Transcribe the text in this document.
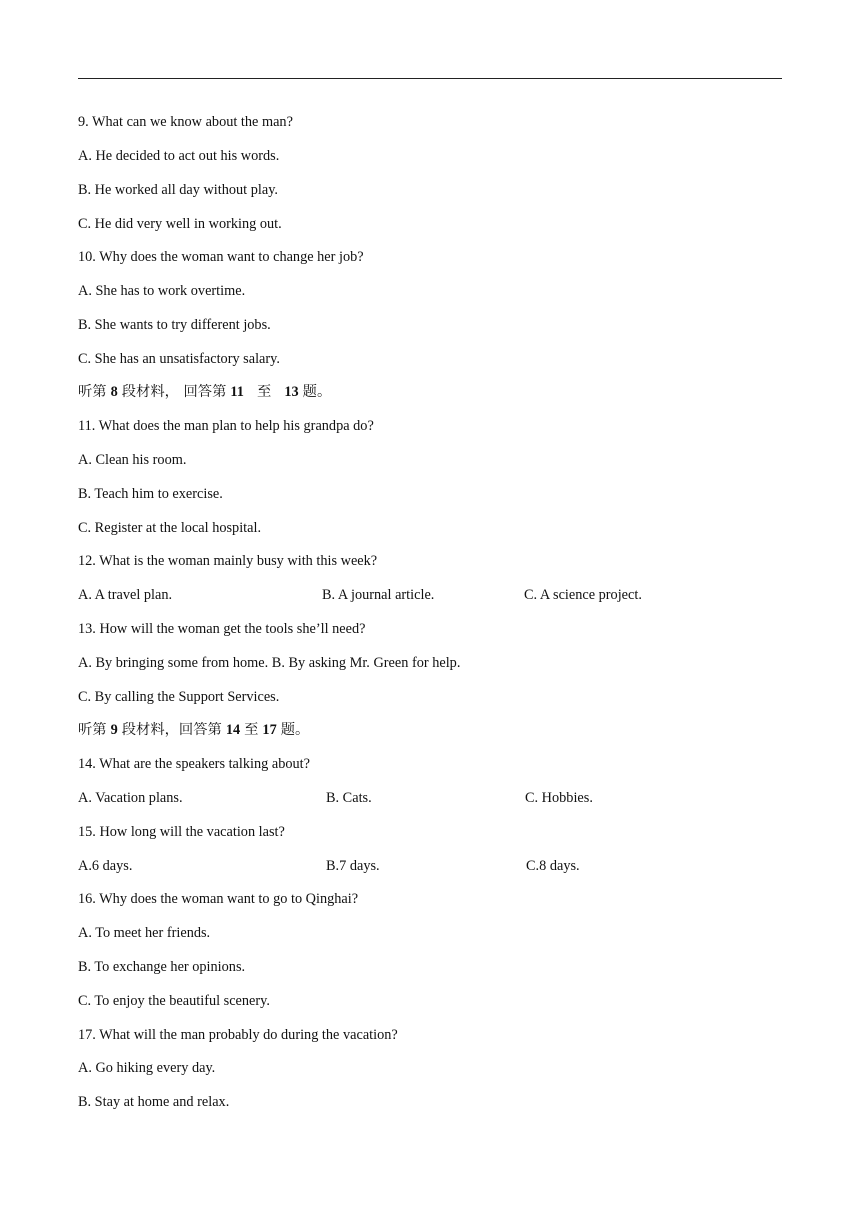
9. What can we know about the man?
A. He decided to act out his words.
B. He worked all day without play.
C. He did very well in working out.
10. Why does the woman want to change her job?
A. She has to work overtime.
B. She wants to try different jobs.
C. She has an unsatisfactory salary.
听第 8 段材料， 回答第 11 至 13 题。
11. What does the man plan to help his grandpa do?
A. Clean his room.
B. Teach him to exercise.
C. Register at the local hospital.
12. What is the woman mainly busy with this week?
A. A travel plan.	B. A journal article.	C. A science project.
13. How will the woman get the tools she’ll need?
A. By bringing some from home. B. By asking Mr. Green for help.
C. By calling the Support Services.
听第 9 段材料，回答第 14 至 17 题。
14. What are the speakers talking about?
A. Vacation plans.	B. Cats.	C. Hobbies.
15. How long will the vacation last?
A.6 days.	B.7 days.	C.8 days.
16. Why does the woman want to go to Qinghai?
A. To meet her friends.
B. To exchange her opinions.
C. To enjoy the beautiful scenery.
17. What will the man probably do during the vacation?
A. Go hiking every day.
B. Stay at home and relax.
